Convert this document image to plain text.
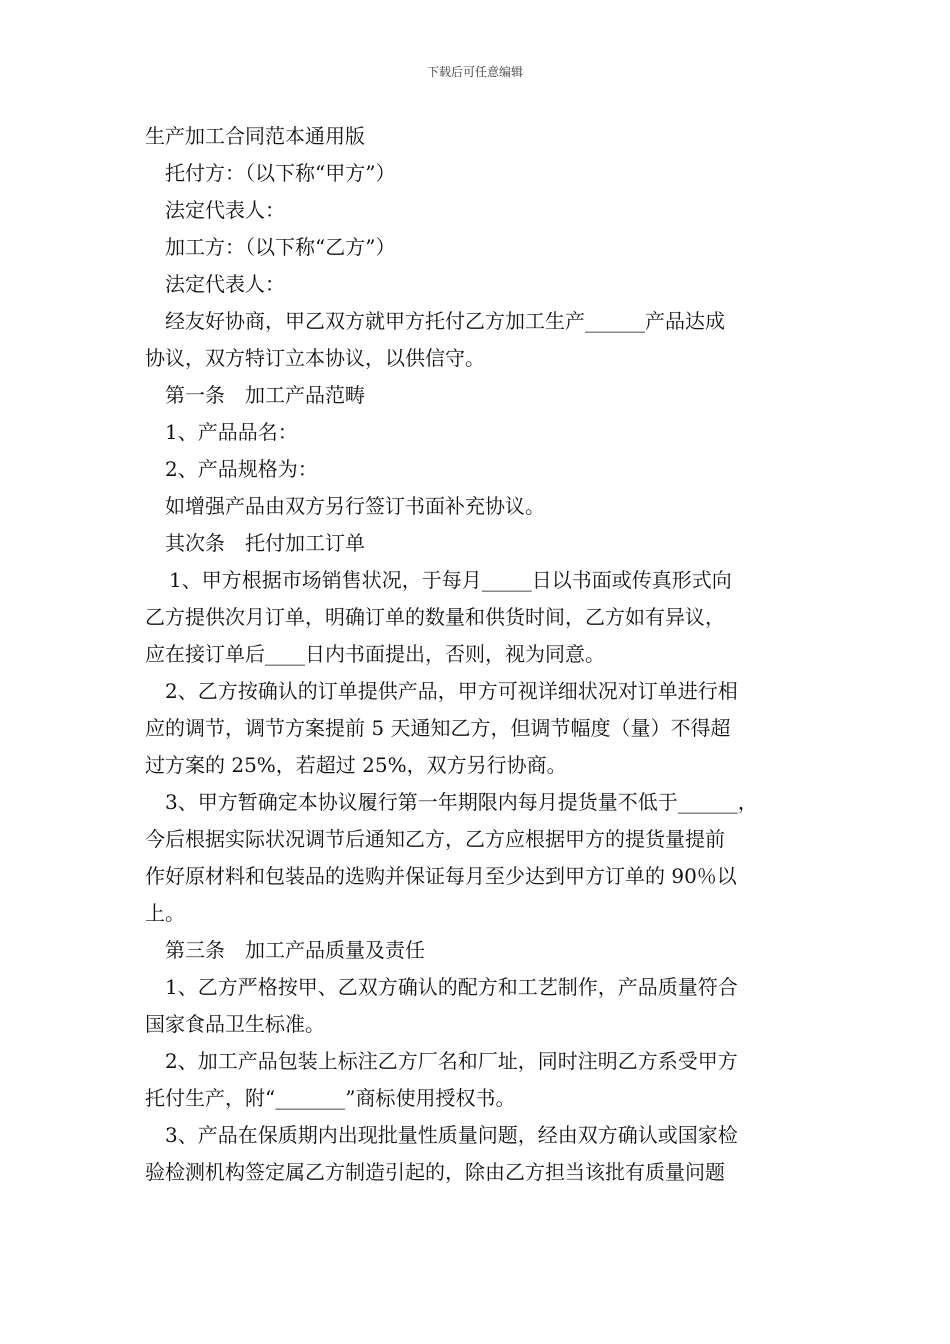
下载后可任意编辑
生产加工合同范本通用版
托付方：（以下称“甲方”）
法定代表人：
加工方：（以下称“乙方”）
法定代表人：
经友好协商，甲乙双方就甲方托付乙方加工生产______产品达成
协议，双方特订立本协议，以供信守。
第一条　加工产品范畴
1、产品品名：
2、产品规格为：
如增强产品由双方另行签订书面补充协议。
其次条　托付加工订单
1、甲方根据市场销售状况，于每月_____日以书面或传真形式向
乙方提供次月订单，明确订单的数量和供货时间，乙方如有异议，
应在接订单后____日内书面提出，否则，视为同意。
2、乙方按确认的订单提供产品，甲方可视详细状况对订单进行相
应的调节，调节方案提前 5 天通知乙方，但调节幅度（量）不得超
过方案的 25%，若超过 25%，双方另行协商。
3、甲方暂确定本协议履行第一年期限内每月提货量不低于______，
今后根据实际状况调节后通知乙方，乙方应根据甲方的提货量提前
作好原材料和包装品的选购并保证每月至少达到甲方订单的 90％以
上。
第三条　加工产品质量及责任
1、乙方严格按甲、乙双方确认的配方和工艺制作，产品质量符合
国家食品卫生标准。
2、加工产品包装上标注乙方厂名和厂址，同时注明乙方系受甲方
托付生产，附“_______”商标使用授权书。
3、产品在保质期内出现批量性质量问题，经由双方确认或国家检
验检测机构签定属乙方制造引起的，除由乙方担当该批有质量问题
